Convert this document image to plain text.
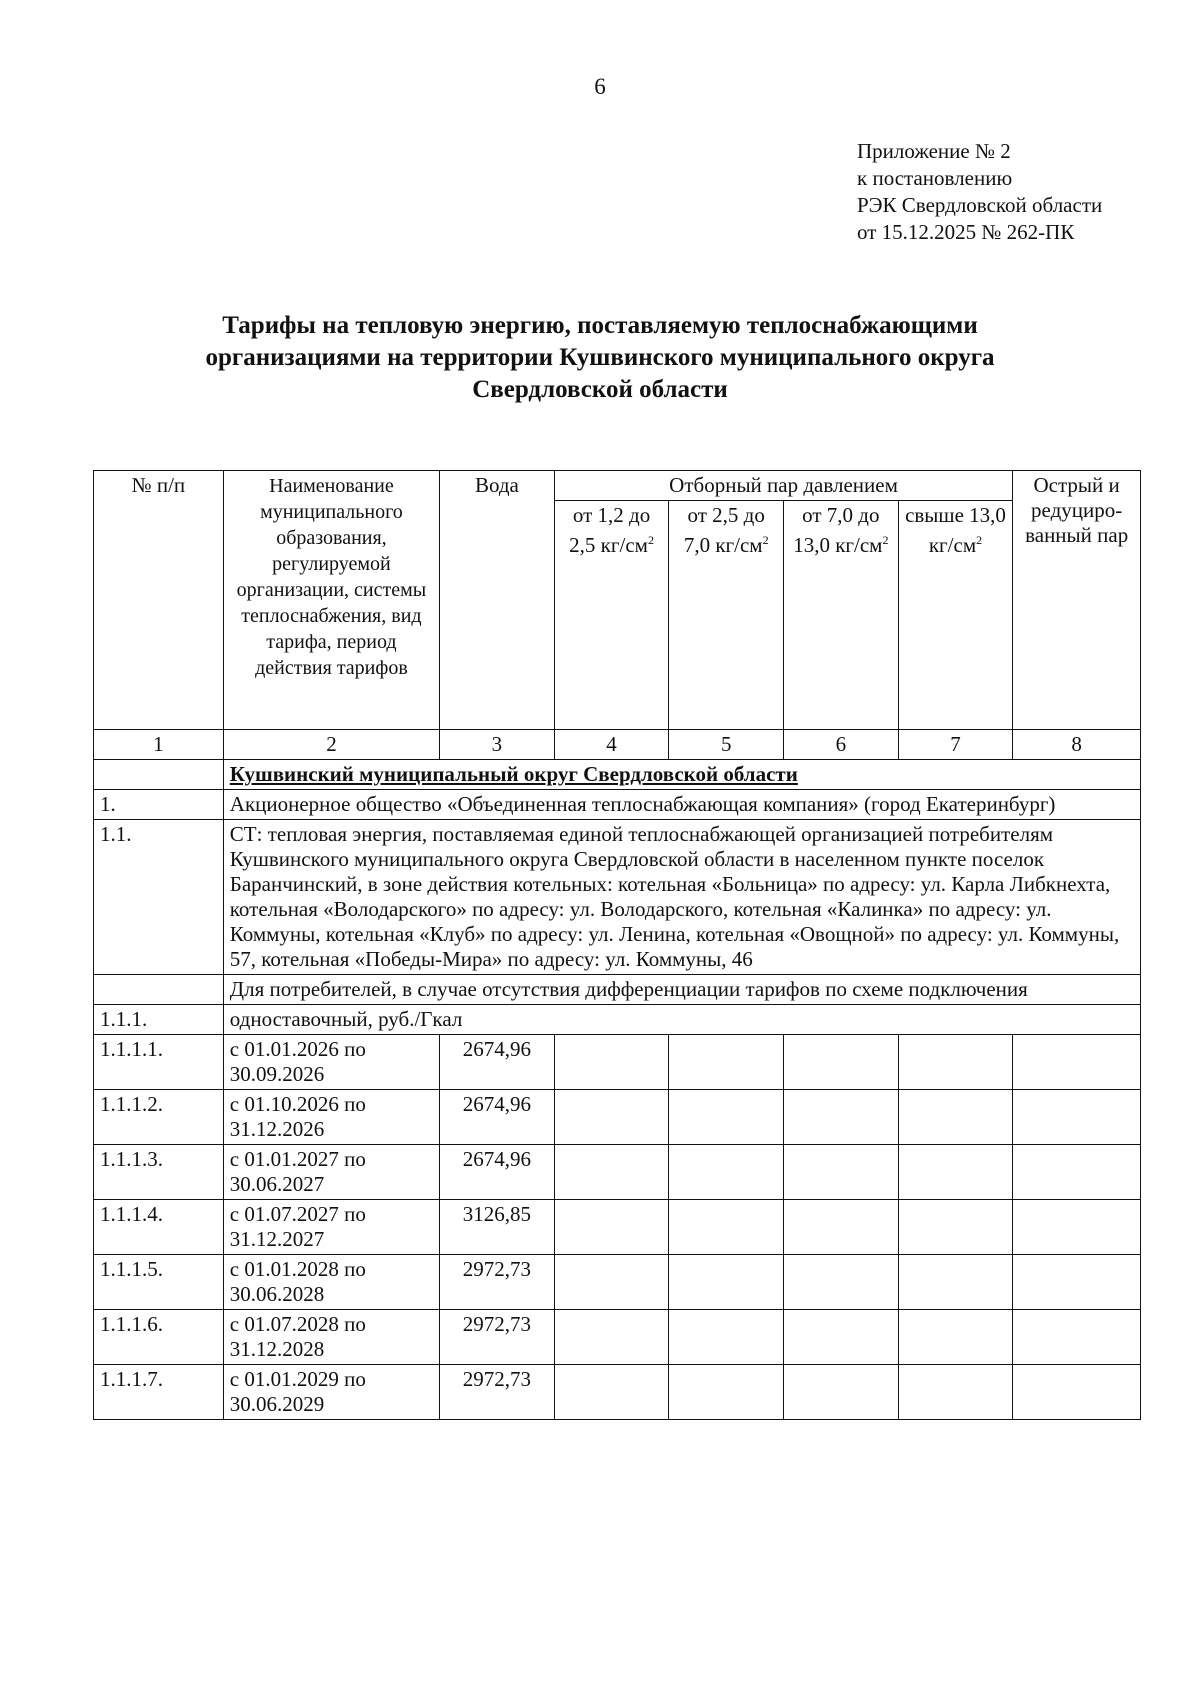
6
Приложение № 2
к постановлению
РЭК Свердловской области
от 15.12.2025 № 262-ПК
Тарифы на тепловую энергию, поставляемую теплоснабжающими
организациями на территории Кушвинского муниципального округа
Свердловской области
№ п/п	Наименование муниципального образования, регулируемой организации, системы теплоснабжения, вид тарифа, период действия тарифов	Вода	Отборный пар давлением				Острый и редуциро-ванный пар
			от 1,2 до 2,5 $кг/см^2$	от 2,5 до 7,0 $кг/см^2$	от 7,0 до 13,0 $кг/см^2$	свыше 13,0 $кг/см^2$
1	2	3	4	5	6	7	8
	Кушвинский муниципальный округ Свердловской области						
1.	Акционерное общество «Объединенная теплоснабжающая компания» (город Екатеринбург)						
1.1.	СТ: тепловая энергия, поставляемая единой теплоснабжающей организацией потребителям Кушвинского муниципального округа Свердловской области в населенном пункте поселок Баранчинский, в зоне действия котельных: котельная «Больница» по адресу: ул. Карла Либкнехта, котельная «Володарского» по адресу: ул. Володарского, котельная «Калинка» по адресу: ул. Коммуны, котельная «Клуб» по адресу: ул. Ленина, котельная «Овощной» по адресу: ул. Коммуны, 57, котельная «Победы-Мира» по адресу: ул. Коммуны, 46						
	Для потребителей, в случае отсутствия дифференциации тарифов по схеме подключения						
1.1.1.	одноставочный, руб./Гкал						
1.1.1.1.	с 01.01.2026 по 30.09.2026	2674,96					
1.1.1.2.	с 01.10.2026 по 31.12.2026	2674,96					
1.1.1.3.	с 01.01.2027 по 30.06.2027	2674,96					
1.1.1.4.	с 01.07.2027 по 31.12.2027	3126,85					
1.1.1.5.	с 01.01.2028 по 30.06.2028	2972,73					
1.1.1.6.	с 01.07.2028 по 31.12.2028	2972,73					
1.1.1.7.	с 01.01.2029 по 30.06.2029	2972,73					
